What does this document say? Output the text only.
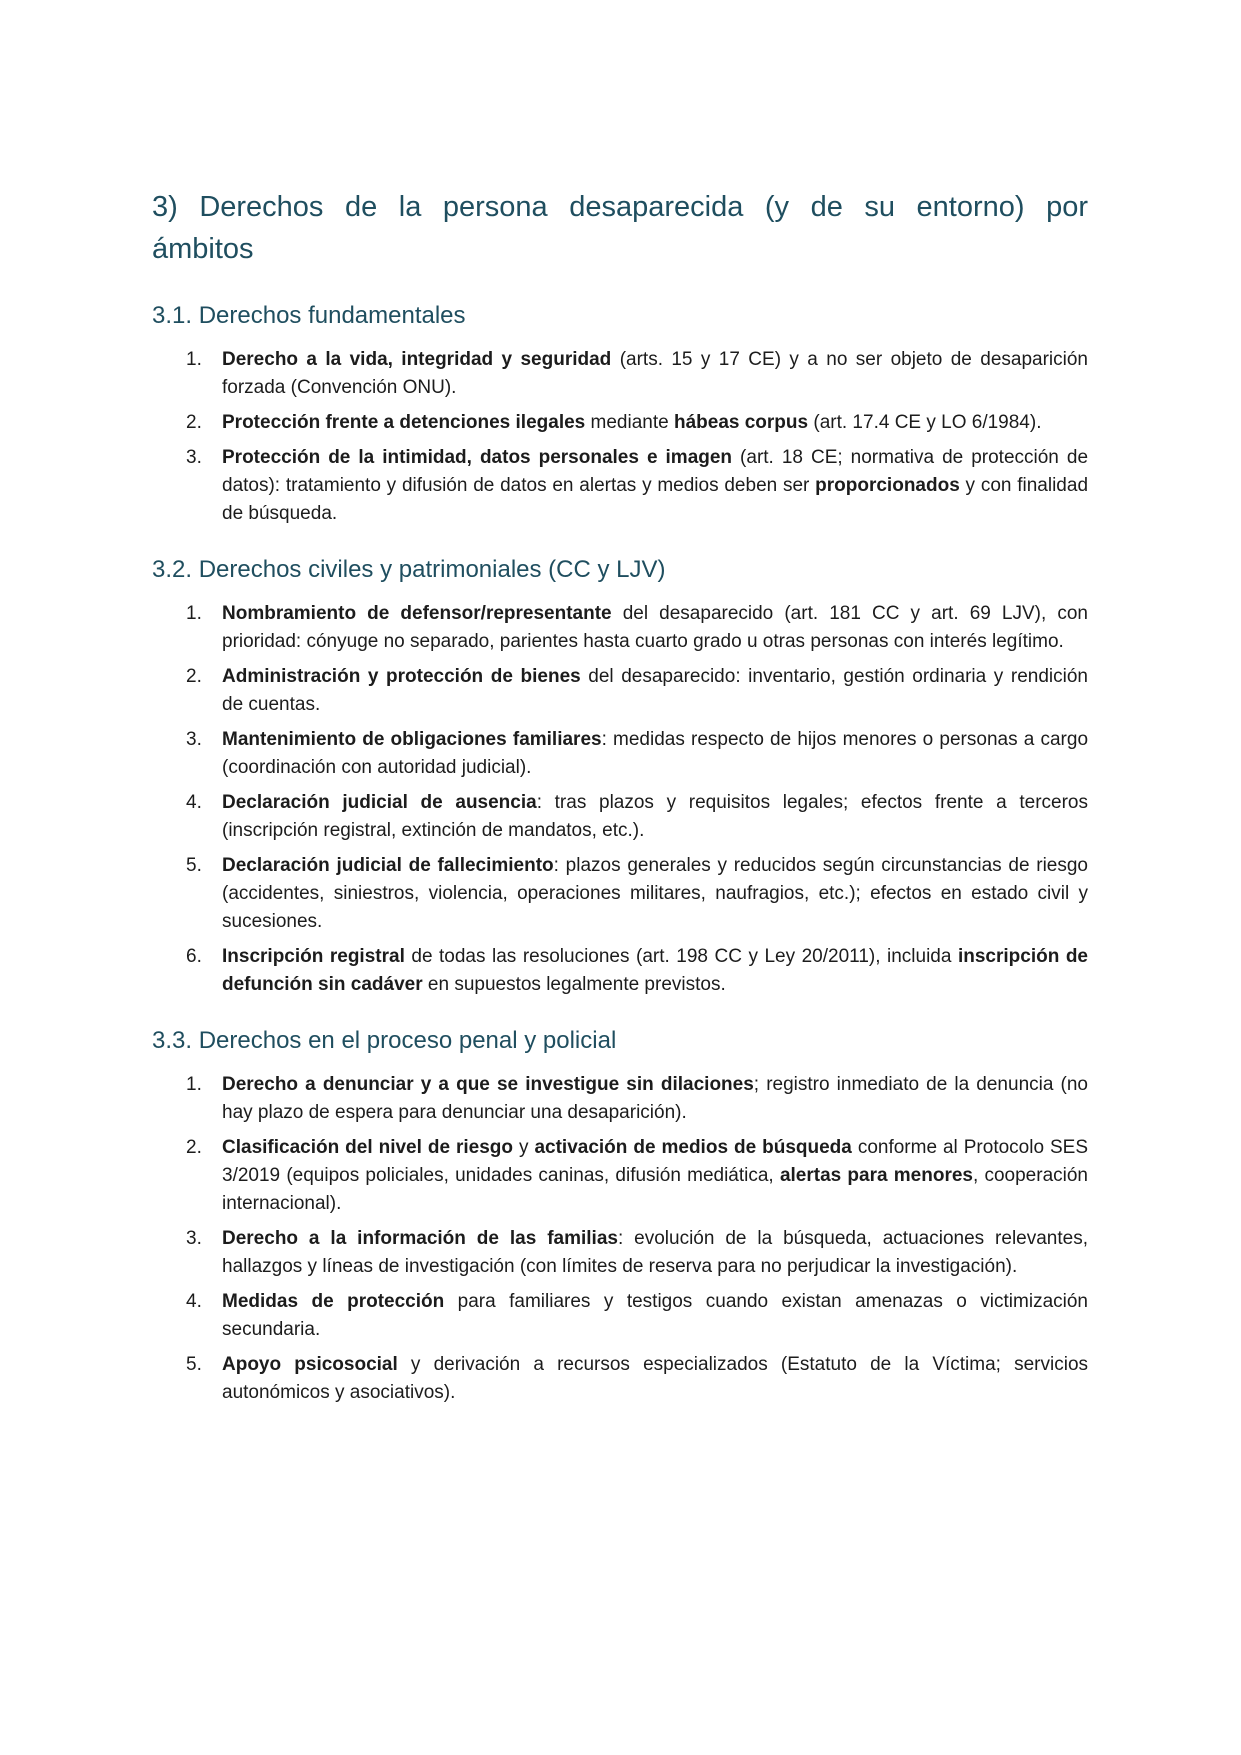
3) Derechos de la persona desaparecida (y de su entorno) por
ámbitos
3.1. Derechos fundamentales
1.	Derecho a la vida, integridad y seguridad (arts. 15 y 17 CE) y a no ser objeto de desaparición forzada (Convención ONU).
2.	Protección frente a detenciones ilegales mediante hábeas corpus (art. 17.4 CE y LO 6/1984).
3.	Protección de la intimidad, datos personales e imagen (art. 18 CE; normativa de protección de datos): tratamiento y difusión de datos en alertas y medios deben ser proporcionados y con finalidad de búsqueda.
3.2. Derechos civiles y patrimoniales (CC y LJV)
1.	Nombramiento de defensor/representante del desaparecido (art. 181 CC y art. 69 LJV), con prioridad: cónyuge no separado, parientes hasta cuarto grado u otras personas con interés legítimo.
2.	Administración y protección de bienes del desaparecido: inventario, gestión ordinaria y rendición de cuentas.
3.	Mantenimiento de obligaciones familiares: medidas respecto de hijos menores o personas a cargo (coordinación con autoridad judicial).
4.	Declaración judicial de ausencia: tras plazos y requisitos legales; efectos frente a terceros (inscripción registral, extinción de mandatos, etc.).
5.	Declaración judicial de fallecimiento: plazos generales y reducidos según circunstancias de riesgo (accidentes, siniestros, violencia, operaciones militares, naufragios, etc.); efectos en estado civil y sucesiones.
6.	Inscripción registral de todas las resoluciones (art. 198 CC y Ley 20/2011), incluida inscripción de defunción sin cadáver en supuestos legalmente previstos.
3.3. Derechos en el proceso penal y policial
1.	Derecho a denunciar y a que se investigue sin dilaciones; registro inmediato de la denuncia (no hay plazo de espera para denunciar una desaparición).
2.	Clasificación del nivel de riesgo y activación de medios de búsqueda conforme al Protocolo SES 3/2019 (equipos policiales, unidades caninas, difusión mediática, alertas para menores, cooperación internacional).
3.	Derecho a la información de las familias: evolución de la búsqueda, actuaciones relevantes, hallazgos y líneas de investigación (con límites de reserva para no perjudicar la investigación).
4.	Medidas de protección para familiares y testigos cuando existan amenazas o victimización secundaria.
5.	Apoyo psicosocial y derivación a recursos especializados (Estatuto de la Víctima; servicios autonómicos y asociativos).
